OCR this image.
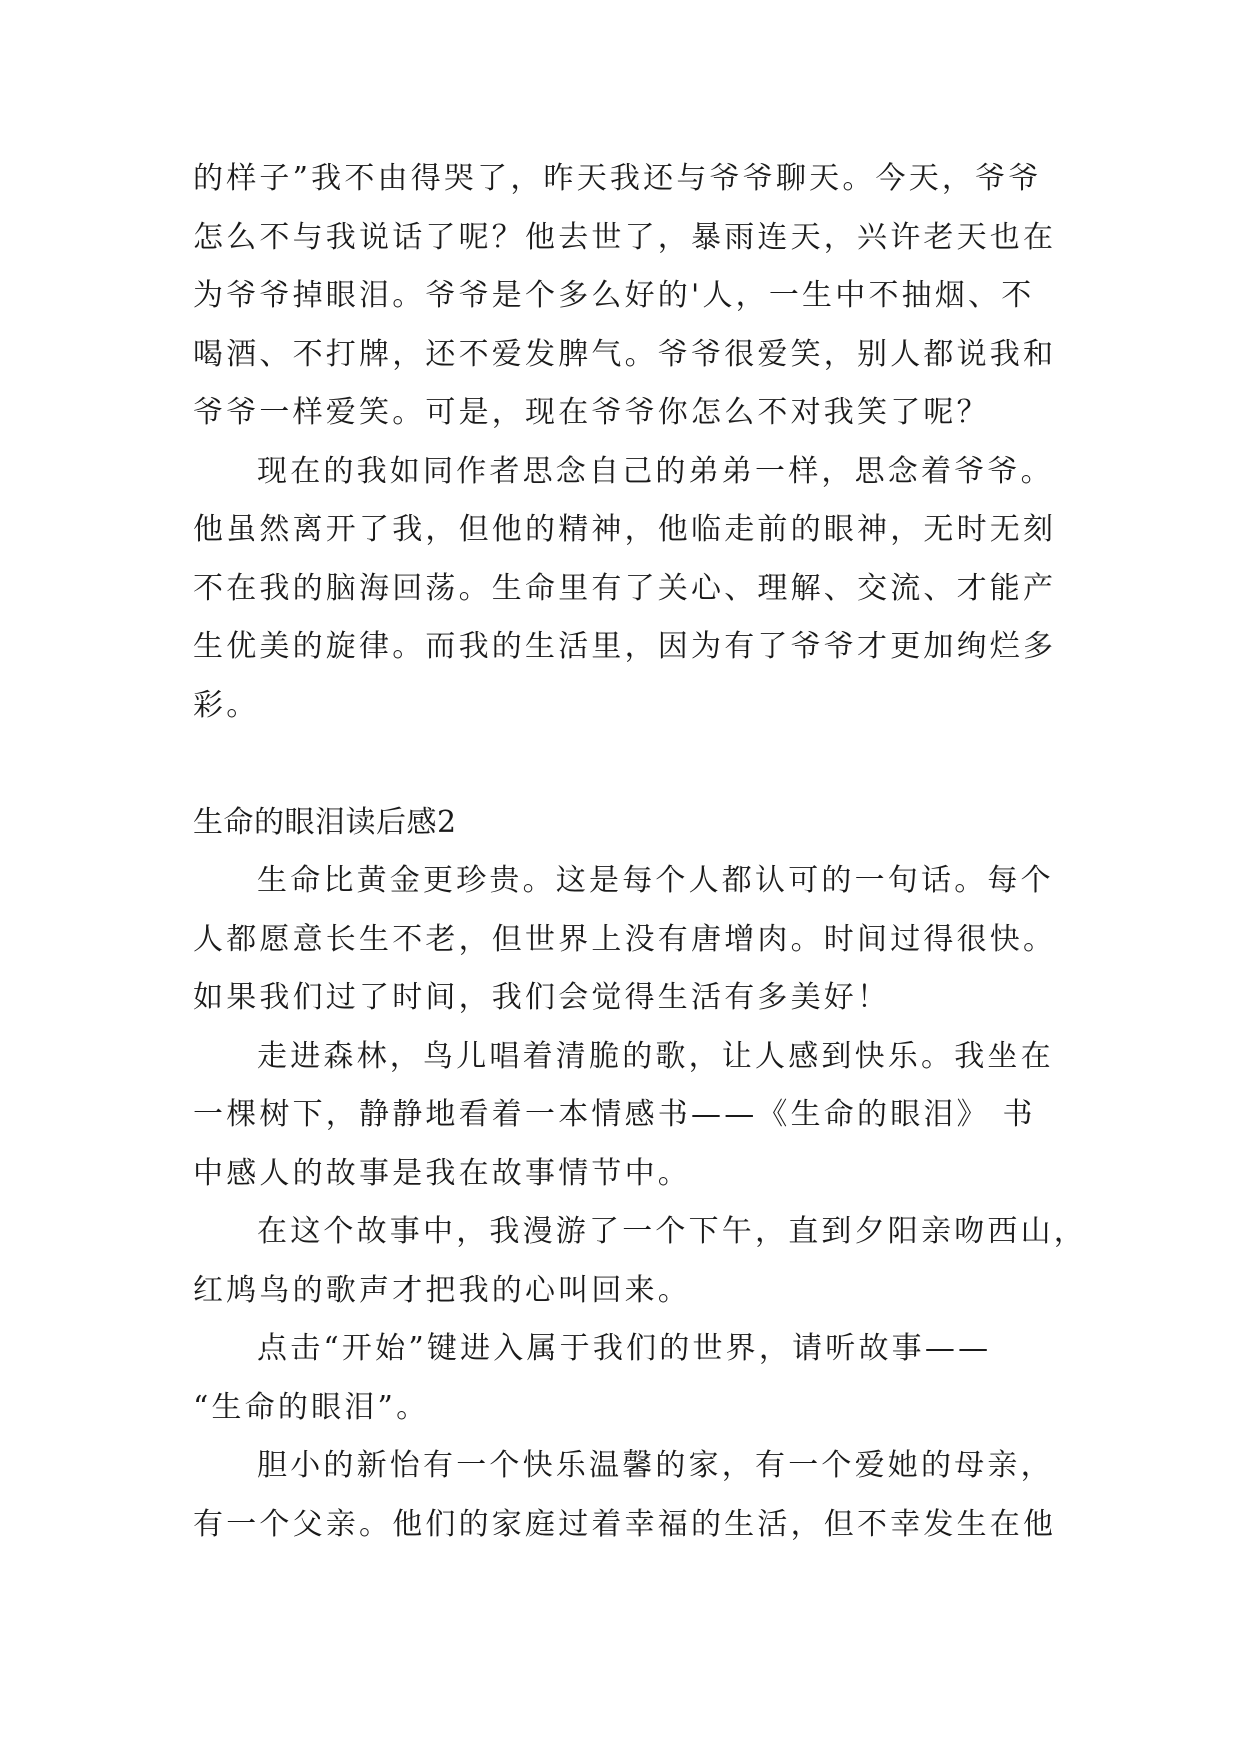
的样子”我不由得哭了，昨天我还与爷爷聊天。今天，爷爷
怎么不与我说话了呢？他去世了，暴雨连天，兴许老天也在
为爷爷掉眼泪。爷爷是个多么好的'人，一生中不抽烟、不
喝酒、不打牌，还不爱发脾气。爷爷很爱笑，别人都说我和
爷爷一样爱笑。可是，现在爷爷你怎么不对我笑了呢？
现在的我如同作者思念自己的弟弟一样，思念着爷爷。
他虽然离开了我，但他的精神，他临走前的眼神，无时无刻
不在我的脑海回荡。生命里有了关心、理解、交流、才能产
生优美的旋律。而我的生活里，因为有了爷爷才更加绚烂多
彩。
生命的眼泪读后感2
生命比黄金更珍贵。这是每个人都认可的一句话。每个
人都愿意长生不老，但世界上没有唐增肉。时间过得很快。
如果我们过了时间，我们会觉得生活有多美好！
走进森林，鸟儿唱着清脆的歌，让人感到快乐。我坐在
一棵树下，静静地看着一本情感书——《生命的眼泪》 书
中感人的故事是我在故事情节中。
在这个故事中，我漫游了一个下午，直到夕阳亲吻西山，
红鸠鸟的歌声才把我的心叫回来。
点击“开始”键进入属于我们的世界，请听故事——
“生命的眼泪”。
胆小的新怡有一个快乐温馨的家，有一个爱她的母亲，
有一个父亲。他们的家庭过着幸福的生活，但不幸发生在他
